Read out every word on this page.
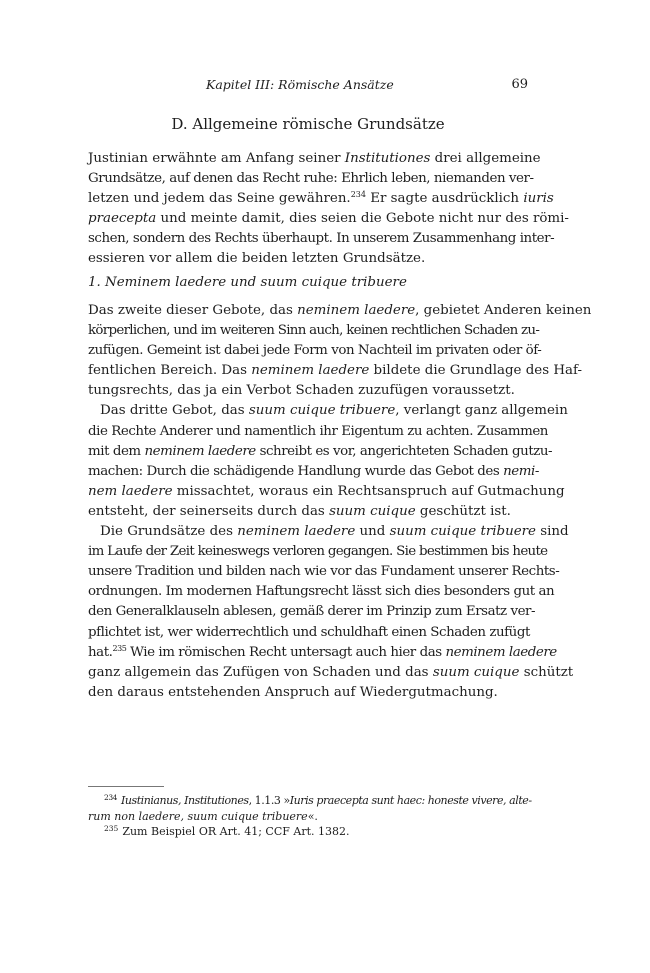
Kapitel III: Römische Ansätze	69
D. Allgemeine römische Grundsätze
Justinian erwähnte am Anfang seiner Institutiones drei allgemeine
Grundsätze, auf denen das Recht ruhe: Ehrlich leben, niemanden ver-
letzen und jedem das Seine gewähren.$^{234}$ Er sagte ausdrücklich iuris
praecepta und meinte damit, dies seien die Gebote nicht nur des römi-
schen, sondern des Rechts überhaupt. In unserem Zusammenhang inter-
essieren vor allem die beiden letzten Grundsätze.
1. Neminem laedere und suum cuique tribuere
Das zweite dieser Gebote, das neminem laedere, gebietet Anderen keinen
körperlichen, und im weiteren Sinn auch, keinen rechtlichen Schaden zu-
zufügen. Gemeint ist dabei jede Form von Nachteil im privaten oder öf-
fentlichen Bereich. Das neminem laedere bildete die Grundlage des Haf-
tungsrechts, das ja ein Verbot Schaden zuzufügen voraussetzt.
Das dritte Gebot, das suum cuique tribuere, verlangt ganz allgemein
die Rechte Anderer und namentlich ihr Eigentum zu achten. Zusammen
mit dem neminem laedere schreibt es vor, angerichteten Schaden gutzu-
machen: Durch die schädigende Handlung wurde das Gebot des nemi-
nem laedere missachtet, woraus ein Rechtsanspruch auf Gutmachung
entsteht, der seinerseits durch das suum cuique geschützt ist.
Die Grundsätze des neminem laedere und suum cuique tribuere sind
im Laufe der Zeit keineswegs verloren gegangen. Sie bestimmen bis heute
unsere Tradition und bilden nach wie vor das Fundament unserer Rechts-
ordnungen. Im modernen Haftungsrecht lässt sich dies besonders gut an
den Generalklauseln ablesen, gemäß derer im Prinzip zum Ersatz ver-
pflichtet ist, wer widerrechtlich und schuldhaft einen Schaden zufügt
hat.$^{235}$ Wie im römischen Recht untersagt auch hier das neminem laedere
ganz allgemein das Zufügen von Schaden und das suum cuique schützt
den daraus entstehenden Anspruch auf Wiedergutmachung.
$^{234}$ Iustinianus, Institutiones, 1.1.3 »Iuris praecepta sunt haec: honeste vivere, alte-
rum non laedere, suum cuique tribuere«.
$^{235}$ Zum Beispiel OR Art. 41; CCF Art. 1382.
